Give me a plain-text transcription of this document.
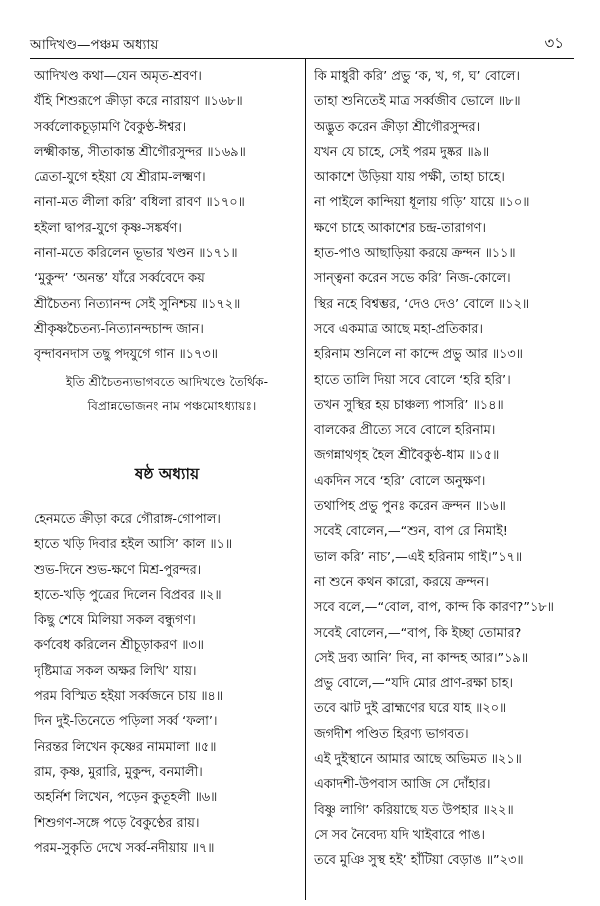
আদিখণ্ড—পঞ্চম অধ্যায়	৩১
আদিখণ্ড কথা—যেন অমৃত-শ্রবণ।
যঁহি শিশুরূপে ক্রীড়া করে নারায়ণ ॥১৬৮॥
সর্ব্বলোকচূড়ামণি বৈকুণ্ঠ-ঈশ্বর।
লক্ষ্মীকান্ত, সীতাকান্ত শ্রীগৌরসুন্দর ॥১৬৯॥
ত্রেতা-যুগে হইয়া যে শ্রীরাম-লক্ষ্মণ।
নানা-মত লীলা করি’ বধিলা রাবণ ॥১৭০॥
হইলা দ্বাপর-যুগে কৃষ্ণ-সঙ্কর্ষণ।
নানা-মতে করিলেন ভূভার খণ্ডন ॥১৭১॥
‘মুকুন্দ’ ‘অনন্ত’ যাঁরে সর্ব্ববেদে কয়
শ্রীচৈতন্য নিত্যানন্দ সেই সুনিশ্চয় ॥১৭২॥
শ্রীকৃষ্ণচৈতন্য-নিত্যানন্দচান্দ জান।
বৃন্দাবনদাস তছু পদযুগে গান ॥১৭৩॥
ইতি শ্রীচৈতন্যভাগবতে আদিখণ্ডে তৈর্থিক-
বিপ্রান্নভোজনং নাম পঞ্চমোঽধ্যায়ঃ।
ষষ্ঠ অধ্যায়
হেনমতে ক্রীড়া করে গৌরাঙ্গ-গোপাল।
হাতে খড়ি দিবার হইল আসি’ কাল ॥১॥
শুভ-দিনে শুভ-ক্ষণে মিশ্র-পুরন্দর।
হাতে-খড়ি পুত্রের দিলেন বিপ্রবর ॥২॥
কিছু শেষে মিলিয়া সকল বন্ধুগণ।
কর্ণবেধ করিলেন শ্রীচূড়াকরণ ॥৩॥
দৃষ্টিমাত্র সকল অক্ষর লিখি’ যায়।
পরম বিস্মিত হইয়া সর্ব্বজনে চায় ॥৪॥
দিন দুই-তিনেতে পড়িলা সর্ব্ব ‘ফলা’।
নিরন্তর লিখেন কৃষ্ণের নামমালা ॥৫॥
রাম, কৃষ্ণ, মুরারি, মুকুন্দ, বনমালী।
অহর্নিশ লিখেন, পড়েন কুতূহলী ॥৬॥
শিশুগণ-সঙ্গে পড়ে বৈকুণ্ঠের রায়।
পরম-সুকৃতি দেখে সর্ব্ব-নদীয়ায় ॥৭॥
কি মাধুরী করি’ প্রভু ‘ক, খ, গ, ঘ’ বোলে।
তাহা শুনিতেই মাত্র সর্ব্বজীব ভোলে ॥৮॥
অদ্ভুত করেন ক্রীড়া শ্রীগৌরসুন্দর।
যখন যে চাহে, সেই পরম দুষ্কর ॥৯॥
আকাশে উড়িয়া যায় পক্ষী, তাহা চাহে।
না পাইলে কান্দিয়া ধূলায় গড়ি’ যায়ে ॥১০॥
ক্ষণে চাহে আকাশের চন্দ্র-তারাগণ।
হাত-পাও আছাড়িয়া করয়ে ক্রন্দন ॥১১॥
সান্ত্বনা করেন সভে করি’ নিজ-কোলে।
স্থির নহে বিশ্বম্ভর, ‘দেও দেও’ বোলে ॥১২॥
সবে একমাত্র আছে মহা-প্রতিকার।
হরিনাম শুনিলে না কান্দে প্রভু আর ॥১৩॥
হাতে তালি দিয়া সবে বোলে ‘হরি হরি’।
তখন সুস্থির হয় চাঞ্চল্য পাসরি’ ॥১৪॥
বালকের প্রীত্যে সবে বোলে হরিনাম।
জগন্নাথগৃহ হৈল শ্রীবৈকুণ্ঠ-ধাম ॥১৫॥
একদিন সবে ‘হরি’ বোলে অনুক্ষণ।
তথাপিহ প্রভু পুনঃ করেন ক্রন্দন ॥১৬॥
সবেই বোলেন,—“শুন, বাপ রে নিমাই!
ভাল করি’ নাচ’,—এই হরিনাম গাই।”১৭॥
না শুনে কথন কারো, করয়ে ক্রন্দন।
সবে বলে,—“বোল, বাপ, কান্দ কি কারণ?”১৮॥
সবেই বোলেন,—“বাপ, কি ইচ্ছা তোমার?
সেই দ্রব্য আনি’ দিব, না কান্দহ আর।”১৯॥
প্রভু বোলে,—“যদি মোর প্রাণ-রক্ষা চাহ।
তবে ঝাট দুই ব্রাহ্মণের ঘরে যাহ ॥২০॥
জগদীশ পণ্ডিত হিরণ্য ভাগবত।
এই দুইস্থানে আমার আছে অভিমত ॥২১॥
একাদশী-উপবাস আজি সে দোঁহার।
বিষ্ণু লাগি’ করিয়াছে যত উপহার ॥২২॥
সে সব নৈবেদ্য যদি খাইবারে পাঙ।
তবে মুঞি সুস্থ হই’ হাঁটিয়া বেড়াঙ ॥”২৩॥
